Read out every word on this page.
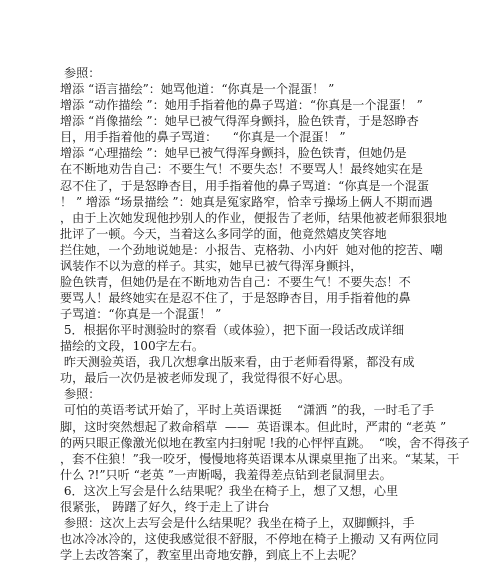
参照：
增添 “语言描绘”：她骂他道：“你真是一个混蛋！ ”
增添 “动作描绘 ”：她用手指着他的鼻子骂道：“你真是一个混蛋！ ”
增添 “肖像描绘 ”：她早已被气得浑身颤抖，脸色铁青，于是怒睁杏
目，用手指着他的鼻子骂道：    “你真是一个混蛋！ ”
增添 “心理描绘 ”：她早已被气得浑身颤抖，脸色铁青，但她仍是
在不断地劝告自己：不要生气！不要失态！不要骂人！最终她实在是
忍不住了，于是怒睁杏目，用手指着他的鼻子骂道：“你真是一个混蛋
！ ” 增添 “场景描绘 ”：她真是冤家路窄，恰幸亏操场上俩人不期而遇
，由于上次她发现他抄别人的作业，便报告了老师，结果他被老师狠狠地
批评了一顿。今天，当着这么多同学的面，他竟然嬉皮笑容地
拦住她，一个劲地说她是：小报告、克格勃、小内奸  她对他的挖苦、嘲
讽装作不以为意的样子。其实，她早已被气得浑身颤抖，
脸色铁青，但她仍是在不断地劝告自己：不要生气！不要失态！不
要骂人！最终她实在是忍不住了，于是怒睁杏目，用手指着他的鼻
子骂道：“你真是一个混蛋！ ”
5．根据你平时测验时的察看（或体验），把下面一段话改成详细
描绘的文段，100字左右。
昨天测验英语，我几次想拿出版来看，由于老师看得紧，都没有成
功，最后一次仍是被老师发现了，我觉得很不好心思。
参照：
可怕的英语考试开始了，平时上英语课挺    “潇洒 ”的我，一时毛了手
脚，这时突然想起了救命稻草  ——  英语课本。但此时，严肃的 “老英 ”
的两只眼正像激光似地在教室内扫射呢 !我的心怦怦直跳。  “唉，舍不得孩子
，套不住狼！”我一咬牙，慢慢地将英语课本从课桌里拖了出来。“某某，干
什么 ?!”只听 “老英 ”一声断喝，我羞得差点钻到老鼠洞里去。
6．这次上写会是什么结果呢？我坐在椅子上，想了又想，心里
很紧张， 踌躇了好久，终于走上了讲台
参照：这次上去写会是什么结果呢？我坐在椅子上，双脚颤抖，手
也冰冷冰冷的，这使我感觉很不舒服，不停地在椅子上搬动 又有两位同
学上去改答案了，教室里出奇地安静，到底上不上去呢？
